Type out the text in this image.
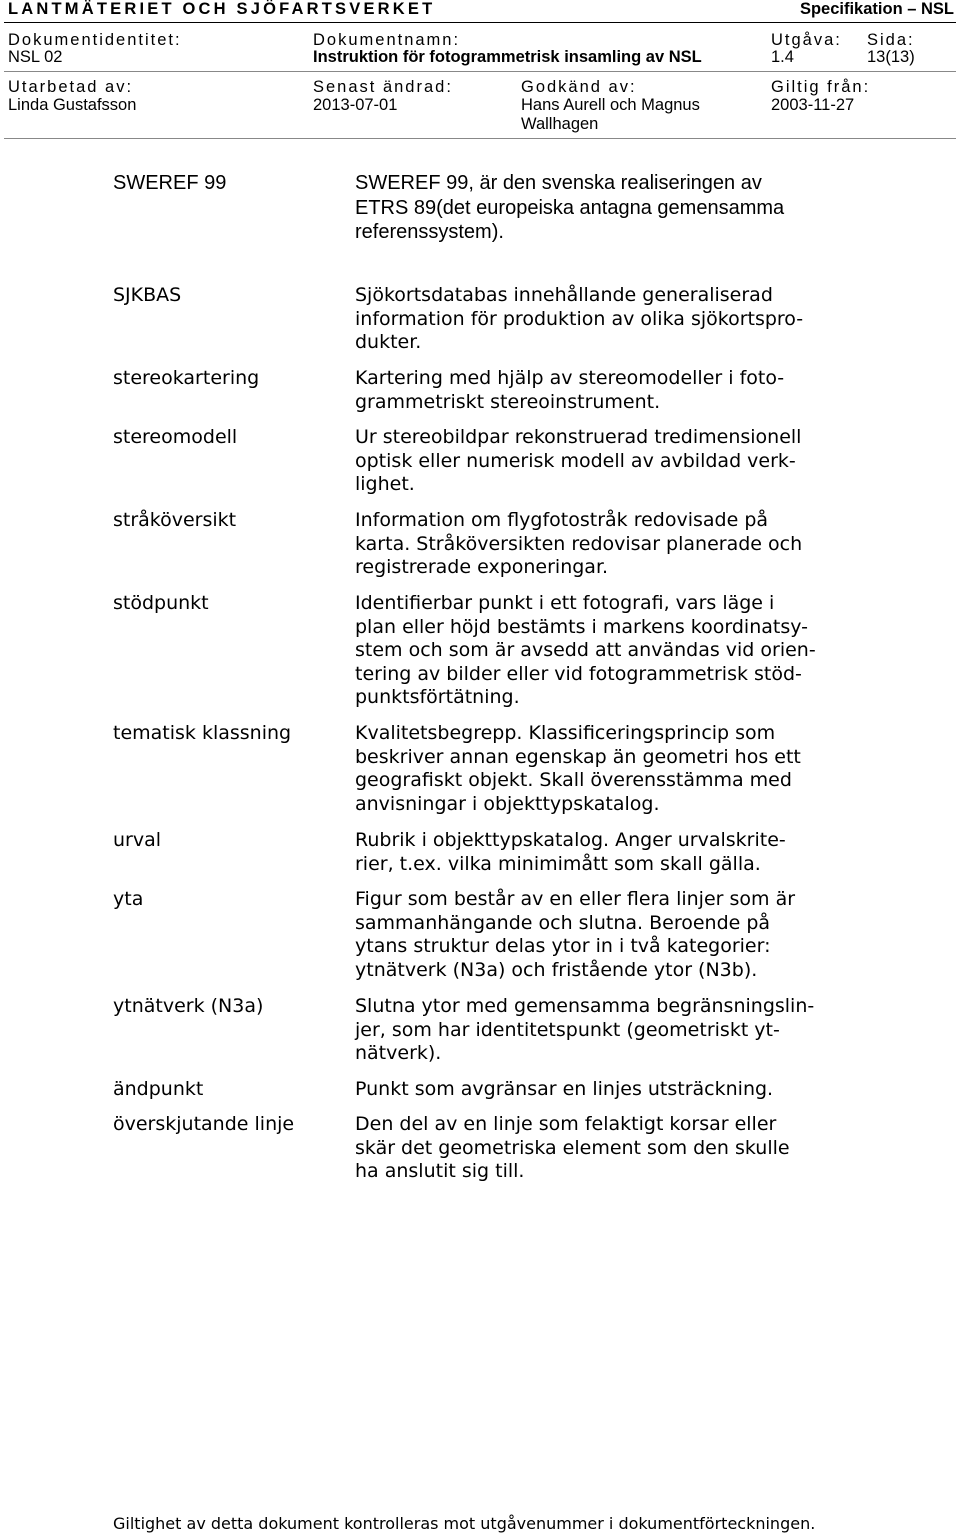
LANTMÄTERIET OCH SJÖFARTSVERKET	Specifikation – NSL
Dokumentidentitet:
NSL 02
Dokumentnamn:
Instruktion för fotogrammetrisk insamling av NSL
Utgåva:
1.4
Sida:
13(13)
Utarbetad av:
Linda Gustafsson
Senast ändrad:
2013-07-01
Godkänd av:
Hans Aurell och Magnus
Wallhagen
Giltig från:
2003-11-27
SWEREF 99	SWEREF 99, är den svenska realiseringen av
ETRS 89(det europeiska antagna gemensamma
referenssystem).
SJKBAS	Sjökortsdatabas innehållande generaliserad
information för produktion av olika sjökortspro-
dukter.
stereokartering	Kartering med hjälp av stereomodeller i foto-
grammetriskt stereoinstrument.
stereomodell	Ur stereobildpar rekonstruerad tredimensionell
optisk eller numerisk modell av avbildad verk-
lighet.
stråköversikt	Information om flygfotostråk redovisade på
karta. Stråköversikten redovisar planerade och
registrerade exponeringar.
stödpunkt	Identifierbar punkt i ett fotografi, vars läge i
plan eller höjd bestämts i markens koordinatsy-
stem och som är avsedd att användas vid orien-
tering av bilder eller vid fotogrammetrisk stöd-
punktsförtätning.
tematisk klassning	Kvalitetsbegrepp. Klassificeringsprincip som
beskriver annan egenskap än geometri hos ett
geografiskt objekt. Skall överensstämma med
anvisningar i objekttypskatalog.
urval	Rubrik i objekttypskatalog. Anger urvalskrite-
rier, t.ex. vilka minimimått som skall gälla.
yta	Figur som består av en eller flera linjer som är
sammanhängande och slutna. Beroende på
ytans struktur delas ytor in i två kategorier:
ytnätverk (N3a) och fristående ytor (N3b).
ytnätverk (N3a)	Slutna ytor med gemensamma begränsningslin-
jer, som har identitetspunkt (geometriskt yt-
nätverk).
ändpunkt	Punkt som avgränsar en linjes utsträckning.
överskjutande linje	Den del av en linje som felaktigt korsar eller
skär det geometriska element som den skulle
ha anslutit sig till.
Giltighet av detta dokument kontrolleras mot utgåvenummer i dokumentförteckningen.
